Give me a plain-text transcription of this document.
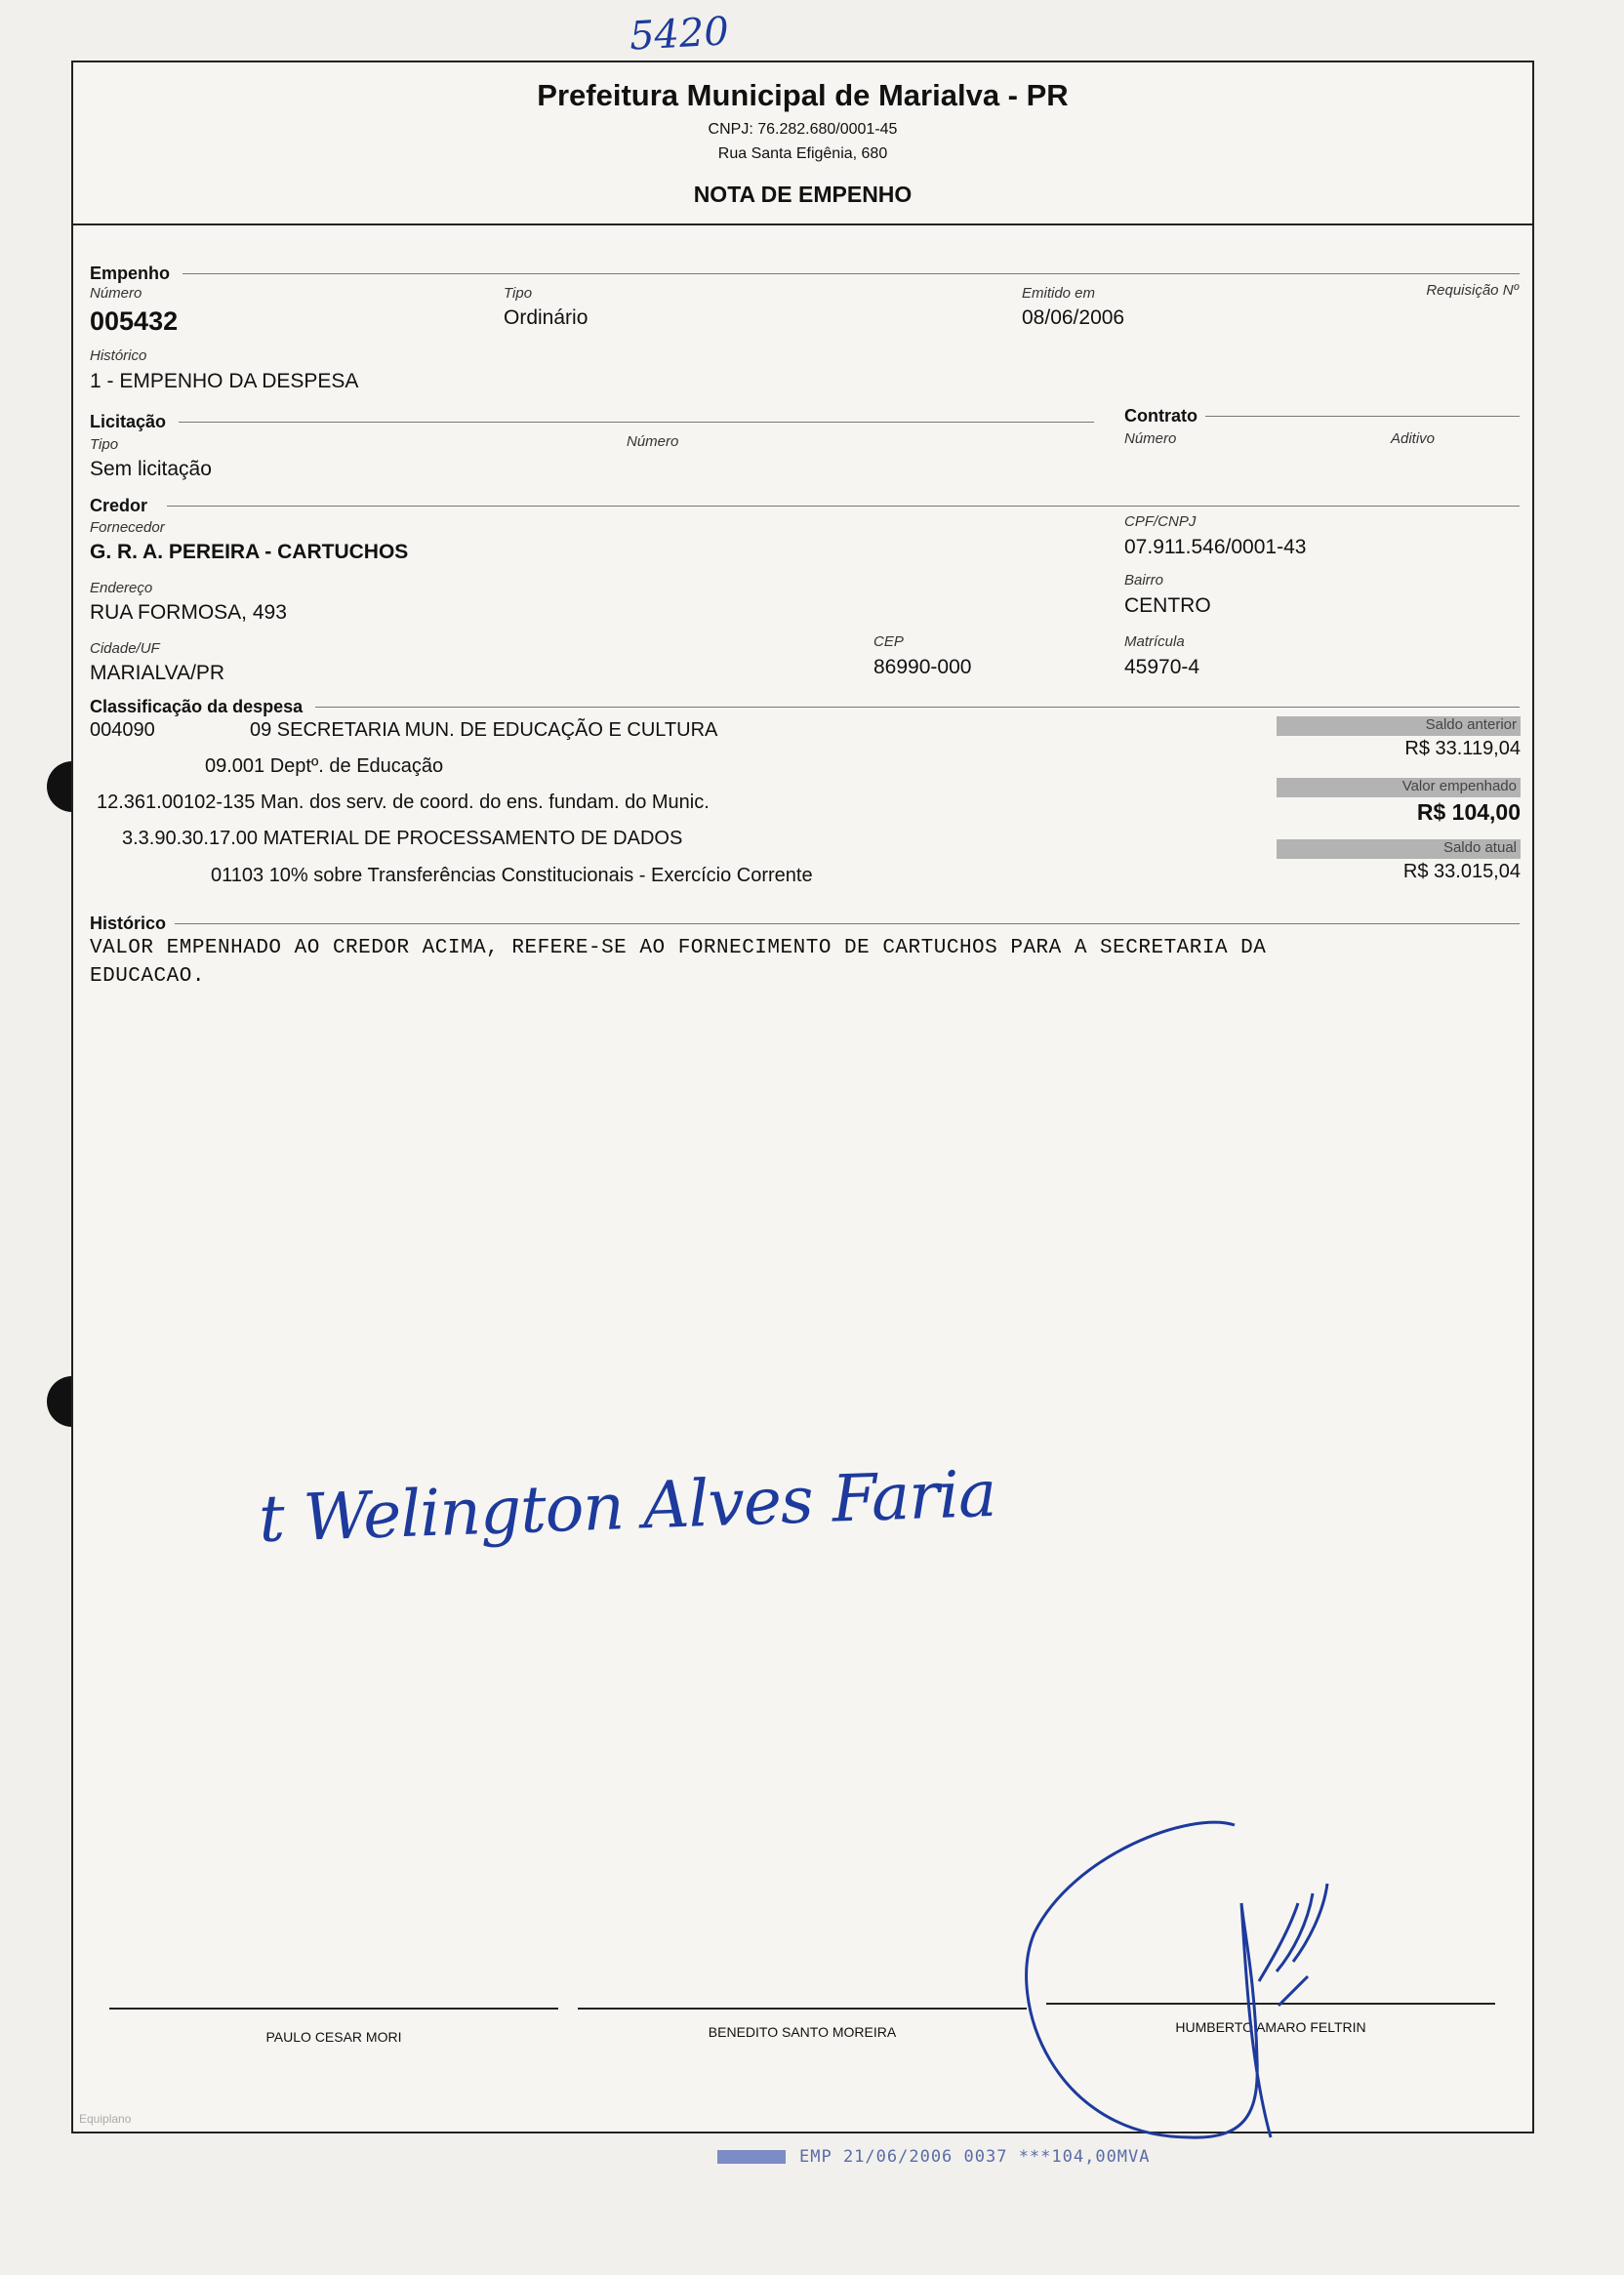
5420
Prefeitura Municipal de Marialva - PR
CNPJ: 76.282.680/0001-45
Rua Santa Efigênia, 680
NOTA DE EMPENHO
Empenho
Número
005432
Tipo
Ordinário
Emitido em
08/06/2006
Requisição Nº
Histórico
1 - EMPENHO DA DESPESA
Licitação	Contrato
Tipo
Sem licitação
Número	Número	Aditivo
Credor
Fornecedor
G. R. A. PEREIRA - CARTUCHOS
CPF/CNPJ
07.911.546/0001-43
Endereço
RUA FORMOSA, 493
Bairro
CENTRO
Cidade/UF
MARIALVA/PR
CEP
86990-000
Matrícula
45970-4
Classificação da despesa
004090	09 SECRETARIA MUN. DE EDUCAÇÃO E CULTURA
09.001 Deptº. de Educação
12.361.00102-135 Man. dos serv. de coord. do ens. fundam. do Munic.
3.3.90.30.17.00 MATERIAL DE PROCESSAMENTO DE DADOS
01103 10% sobre Transferências Constitucionais - Exercício Corrente
Saldo anterior
R$ 33.119,04
Valor empenhado
R$ 104,00
Saldo atual
R$ 33.015,04
Histórico
VALOR EMPENHADO AO CREDOR ACIMA, REFERE-SE AO FORNECIMENTO DE CARTUCHOS PARA A SECRETARIA DA
EDUCACAO.
PAULO CESAR MORI	BENEDITO SANTO MOREIRA	HUMBERTO AMARO FELTRIN
Equiplano
t Welington Alves Faria
EMP 21/06/2006 0037 ***104,00MVA
